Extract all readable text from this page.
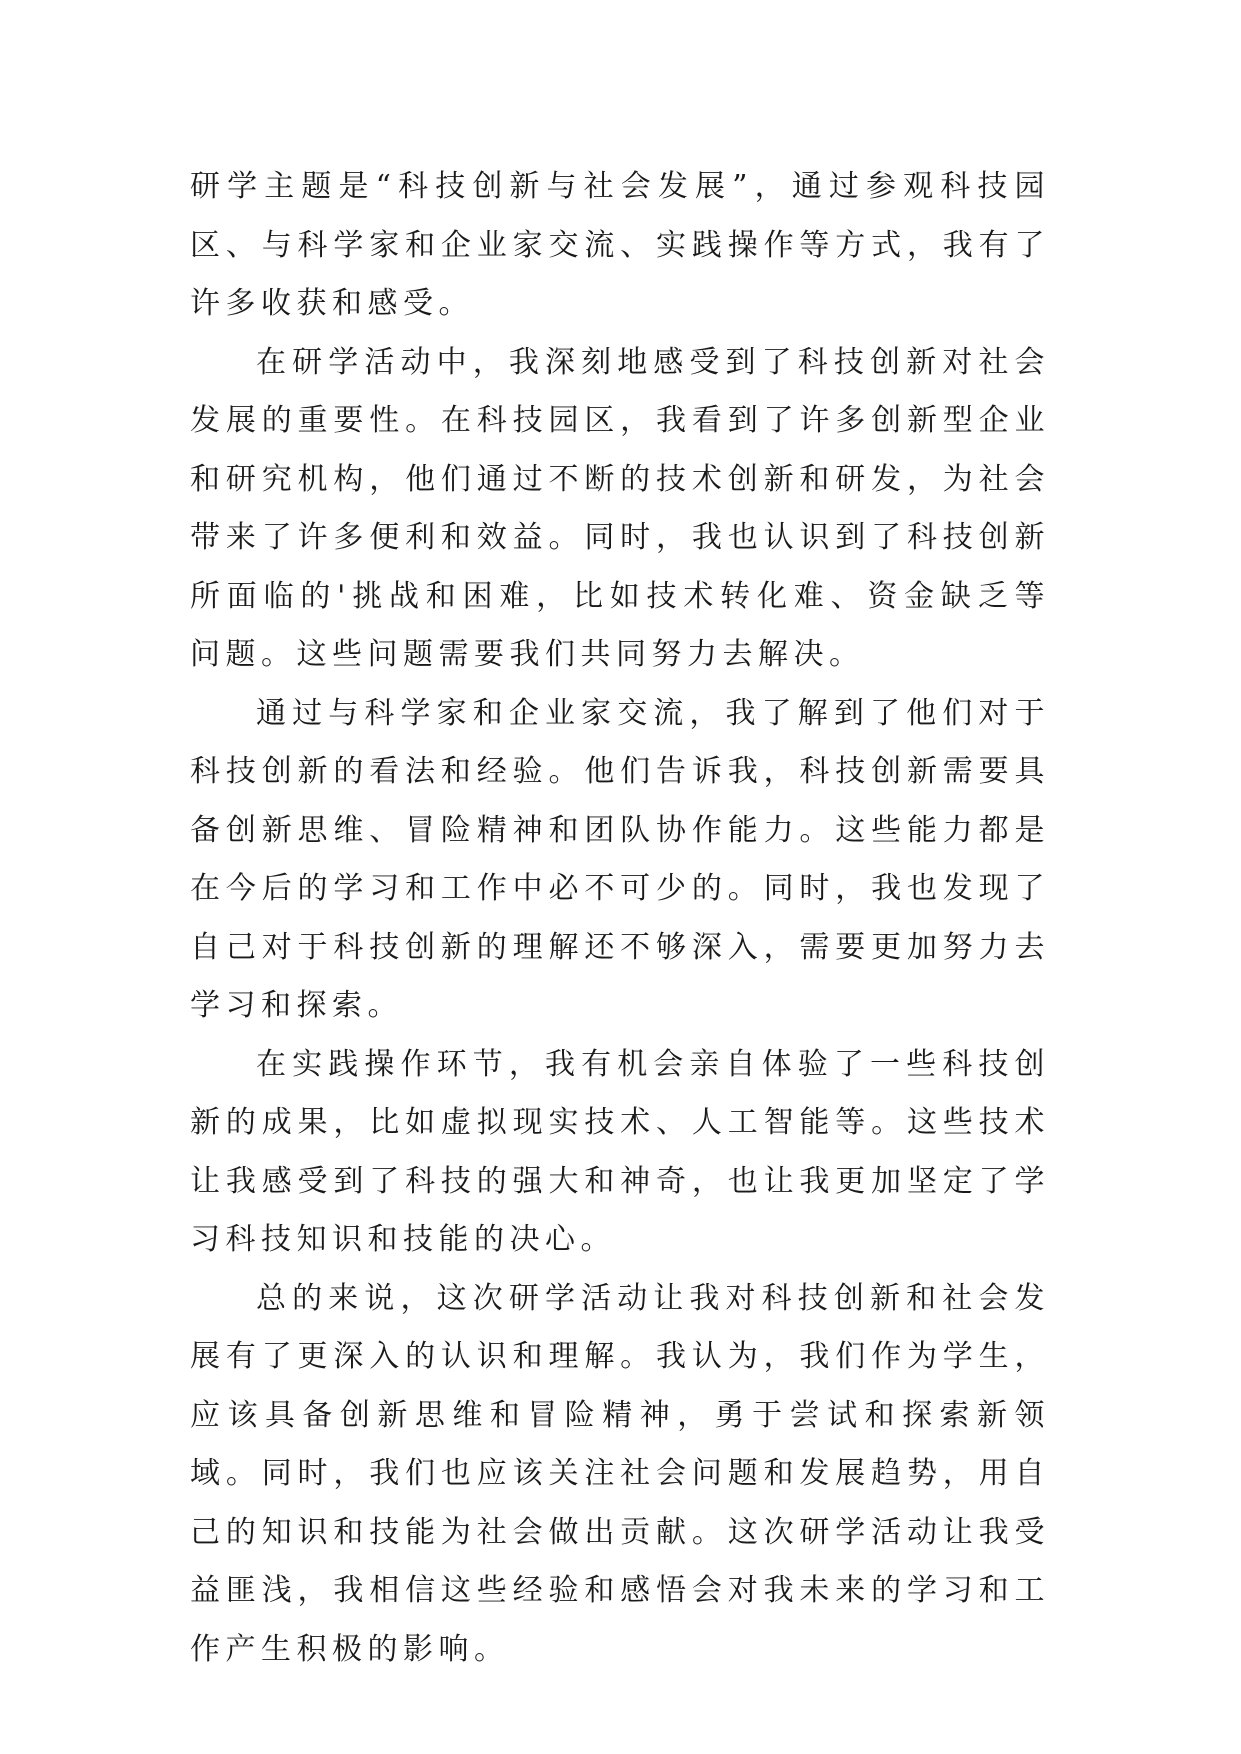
研学主题是“科技创新与社会发展”，通过参观科技园区、与科学家和企业家交流、实践操作等方式，我有了许多收获和感受。

在研学活动中，我深刻地感受到了科技创新对社会发展的重要性。在科技园区，我看到了许多创新型企业和研究机构，他们通过不断的技术创新和研发，为社会带来了许多便利和效益。同时，我也认识到了科技创新所面临的'挑战和困难，比如技术转化难、资金缺乏等问题。这些问题需要我们共同努力去解决。

通过与科学家和企业家交流，我了解到了他们对于科技创新的看法和经验。他们告诉我，科技创新需要具备创新思维、冒险精神和团队协作能力。这些能力都是在今后的学习和工作中必不可少的。同时，我也发现了自己对于科技创新的理解还不够深入，需要更加努力去学习和探索。

在实践操作环节，我有机会亲自体验了一些科技创新的成果，比如虚拟现实技术、人工智能等。这些技术让我感受到了科技的强大和神奇，也让我更加坚定了学习科技知识和技能的决心。

总的来说，这次研学活动让我对科技创新和社会发展有了更深入的认识和理解。我认为，我们作为学生，应该具备创新思维和冒险精神，勇于尝试和探索新领域。同时，我们也应该关注社会问题和发展趋势，用自己的知识和技能为社会做出贡献。这次研学活动让我受益匪浅，我相信这些经验和感悟会对我未来的学习和工作产生积极的影响。
